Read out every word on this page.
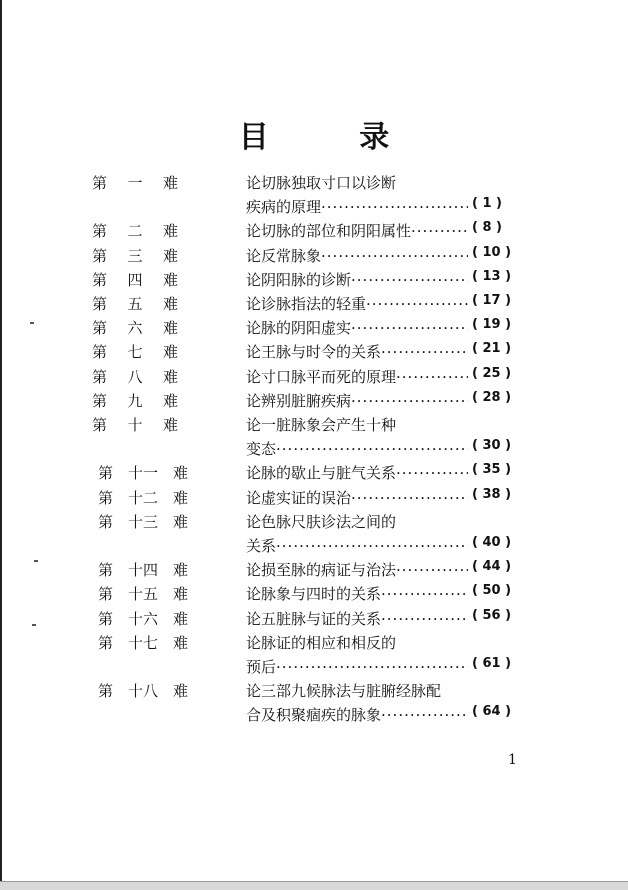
目 录
第 一 难	论切脉独取寸口以诊断
疾病的原理 ·····	( 1 )
第 二 难	论切脉的部位和阴阳属性 ·····	( 8 )
第 三 难	论反常脉象 ·····	( 10 )
第 四 难	论阴阳脉的诊断 ·····	( 13 )
第 五 难	论诊脉指法的轻重 ·····	( 17 )
第 六 难	论脉的阴阳虚实 ·····	( 19 )
第 七 难	论王脉与时令的关系 ·····	( 21 )
第 八 难	论寸口脉平而死的原理 ·····	( 25 )
第 九 难	论辨别脏腑疾病 ·····	( 28 )
第 十 难	论一脏脉象会产生十种
变态 ·····	( 30 )
第 十一 难	论脉的歇止与脏气关系 ·····	( 35 )
第 十二 难	论虚实证的误治 ·····	( 38 )
第 十三 难	论色脉尺肤诊法之间的
关系 ·····	( 40 )
第 十四 难	论损至脉的病证与治法 ·····	( 44 )
第 十五 难	论脉象与四时的关系 ·····	( 50 )
第 十六 难	论五脏脉与证的关系 ·····	( 56 )
第 十七 难	论脉证的相应和相反的
预后 ·····	( 61 )
第 十八 难	论三部九候脉法与脏腑经脉配
合及积聚痼疾的脉象 ·····	( 64 )
1
